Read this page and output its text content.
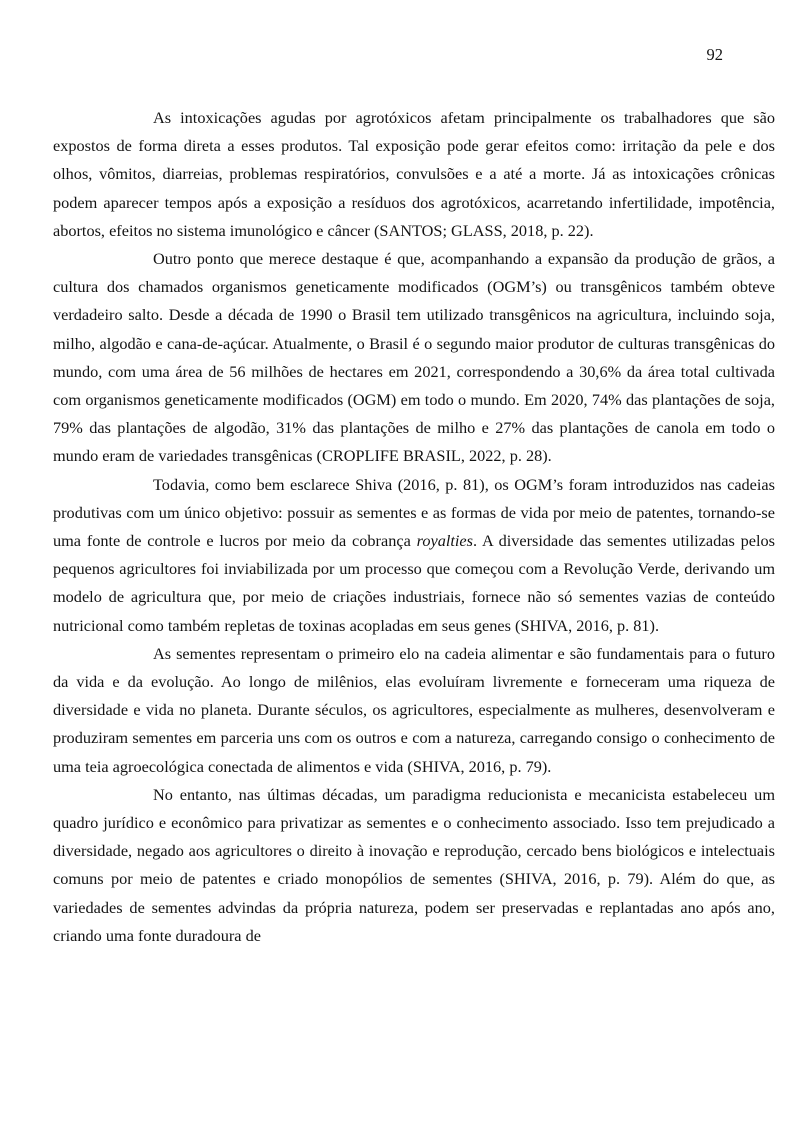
92

As intoxicações agudas por agrotóxicos afetam principalmente os trabalhadores que são expostos de forma direta a esses produtos. Tal exposição pode gerar efeitos como: irritação da pele e dos olhos, vômitos, diarreias, problemas respiratórios, convulsões e a até a morte. Já as intoxicações crônicas podem aparecer tempos após a exposição a resíduos dos agrotóxicos, acarretando infertilidade, impotência, abortos, efeitos no sistema imunológico e câncer (SANTOS; GLASS, 2018, p. 22).

Outro ponto que merece destaque é que, acompanhando a expansão da produção de grãos, a cultura dos chamados organismos geneticamente modificados (OGM’s) ou transgênicos também obteve verdadeiro salto. Desde a década de 1990 o Brasil tem utilizado transgênicos na agricultura, incluindo soja, milho, algodão e cana-de-açúcar. Atualmente, o Brasil é o segundo maior produtor de culturas transgênicas do mundo, com uma área de 56 milhões de hectares em 2021, correspondendo a 30,6% da área total cultivada com organismos geneticamente modificados (OGM) em todo o mundo. Em 2020, 74% das plantações de soja, 79% das plantações de algodão, 31% das plantações de milho e 27% das plantações de canola em todo o mundo eram de variedades transgênicas (CROPLIFE BRASIL, 2022, p. 28).

Todavia, como bem esclarece Shiva (2016, p. 81), os OGM’s foram introduzidos nas cadeias produtivas com um único objetivo: possuir as sementes e as formas de vida por meio de patentes, tornando-se uma fonte de controle e lucros por meio da cobrança royalties. A diversidade das sementes utilizadas pelos pequenos agricultores foi inviabilizada por um processo que começou com a Revolução Verde, derivando um modelo de agricultura que, por meio de criações industriais, fornece não só sementes vazias de conteúdo nutricional como também repletas de toxinas acopladas em seus genes (SHIVA, 2016, p. 81).

As sementes representam o primeiro elo na cadeia alimentar e são fundamentais para o futuro da vida e da evolução. Ao longo de milênios, elas evoluíram livremente e forneceram uma riqueza de diversidade e vida no planeta. Durante séculos, os agricultores, especialmente as mulheres, desenvolveram e produziram sementes em parceria uns com os outros e com a natureza, carregando consigo o conhecimento de uma teia agroecológica conectada de alimentos e vida (SHIVA, 2016, p. 79).

No entanto, nas últimas décadas, um paradigma reducionista e mecanicista estabeleceu um quadro jurídico e econômico para privatizar as sementes e o conhecimento associado. Isso tem prejudicado a diversidade, negado aos agricultores o direito à inovação e reprodução, cercado bens biológicos e intelectuais comuns por meio de patentes e criado monopólios de sementes (SHIVA, 2016, p. 79). Além do que, as variedades de sementes advindas da própria natureza, podem ser preservadas e replantadas ano após ano, criando uma fonte duradoura de
